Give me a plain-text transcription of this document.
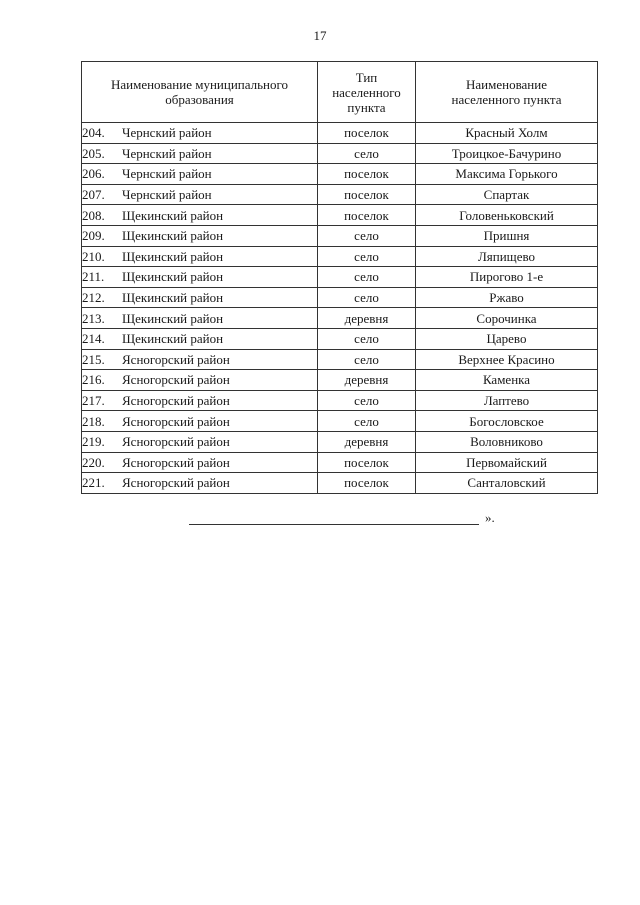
17
Наименование муниципального образования	Тип населенного пункта	Наименование населенного пункта
204. Чернский район	поселок	Красный Холм
205. Чернский район	село	Троицкое-Бачурино
206. Чернский район	поселок	Максима Горького
207. Чернский район	поселок	Спартак
208. Щекинский район	поселок	Головеньковский
209. Щекинский район	село	Пришня
210. Щекинский район	село	Ляпищево
211. Щекинский район	село	Пирогово 1-е
212. Щекинский район	село	Ржаво
213. Щекинский район	деревня	Сорочинка
214. Щекинский район	село	Царево
215. Ясногорский район	село	Верхнее Красино
216. Ясногорский район	деревня	Каменка
217. Ясногорский район	село	Лаптево
218. Ясногорский район	село	Богословское
219. Ясногорский район	деревня	Воловниково
220. Ясногорский район	поселок	Первомайский
221. Ясногорский район	поселок	Санталовский
».
